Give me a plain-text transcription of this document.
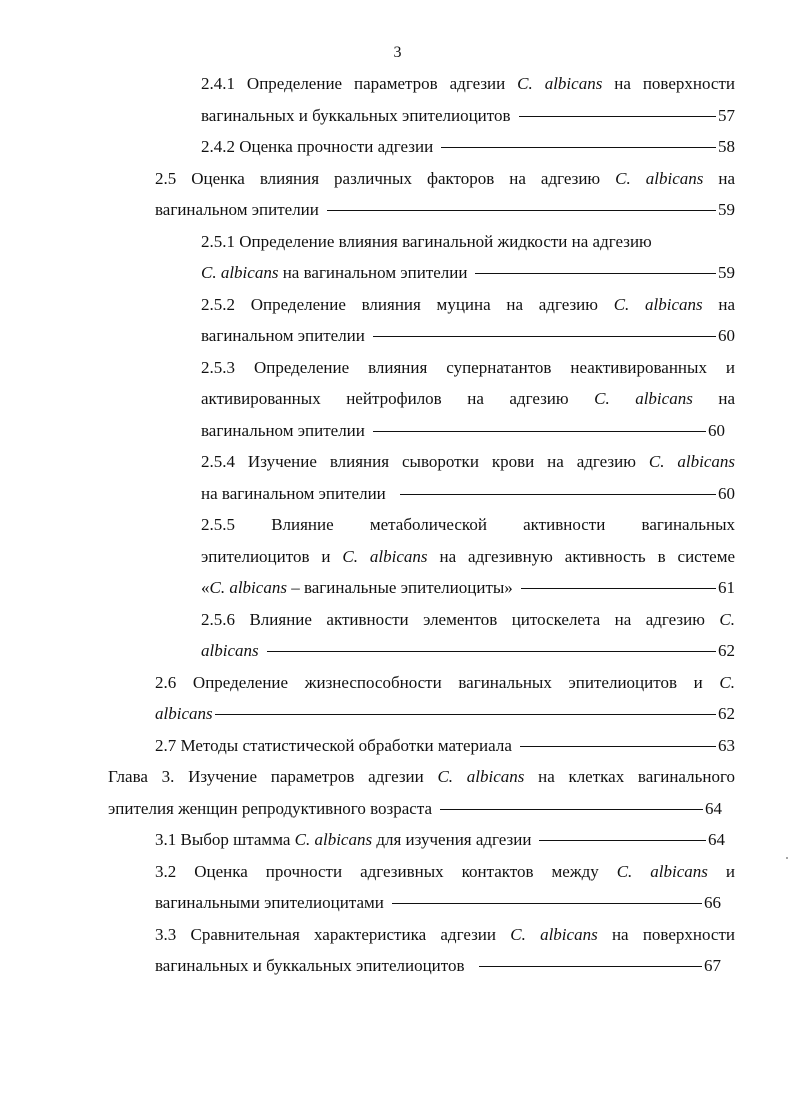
3
2.4.1 Определение параметров адгезии C. albicans на поверхности
вагинальных и буккальных эпителиоцитов	57
2.4.2 Оценка прочности адгезии	58
2.5 Оценка влияния различных факторов на адгезию C. albicans на
вагинальном эпителии	59
2.5.1 Определение влияния вагинальной жидкости на адгезию
C. albicans на вагинальном эпителии	59
2.5.2 Определение влияния муцина на адгезию C. albicans на
вагинальном эпителии	60
2.5.3 Определение влияния супернатантов неактивированных и
активированных нейтрофилов на адгезию C. albicans на
вагинальном эпителии	60
2.5.4 Изучение влияния сыворотки крови на адгезию C. albicans
на вагинальном эпителии	60
2.5.5 Влияние метаболической активности вагинальных
эпителиоцитов и C. albicans на адгезивную активность в системе
«C. albicans – вагинальные эпителиоциты»	61
2.5.6 Влияние активности элементов цитоскелета на адгезию C.
albicans	62
2.6 Определение жизнеспособности вагинальных эпителиоцитов и C.
albicans	62
2.7 Методы статистической обработки материала	63
Глава 3. Изучение параметров адгезии C. albicans на клетках вагинального
эпителия женщин репродуктивного возраста	64
3.1 Выбор штамма C. albicans для изучения адгезии	64
3.2 Оценка прочности адгезивных контактов между C. albicans и
вагинальными эпителиоцитами	66
3.3 Сравнительная характеристика адгезии C. albicans на поверхности
вагинальных и буккальных эпителиоцитов	67
